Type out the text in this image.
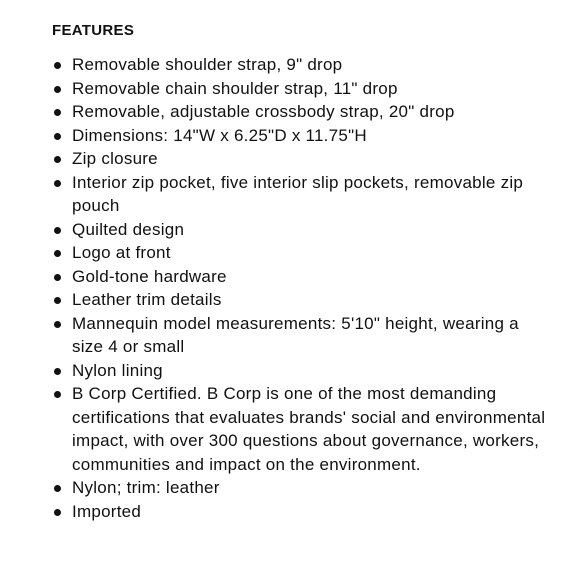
FEATURES
Removable shoulder strap, 9" drop
Removable chain shoulder strap, 11" drop
Removable, adjustable crossbody strap, 20" drop
Dimensions: 14"W x 6.25"D x 11.75"H
Zip closure
Interior zip pocket, five interior slip pockets, removable zip pouch
Quilted design
Logo at front
Gold-tone hardware
Leather trim details
Mannequin model measurements: 5'10" height, wearing a size 4 or small
Nylon lining
B Corp Certified. B Corp is one of the most demanding certifications that evaluates brands' social and environmental impact, with over 300 questions about governance, workers, communities and impact on the environment.
Nylon; trim: leather
Imported
